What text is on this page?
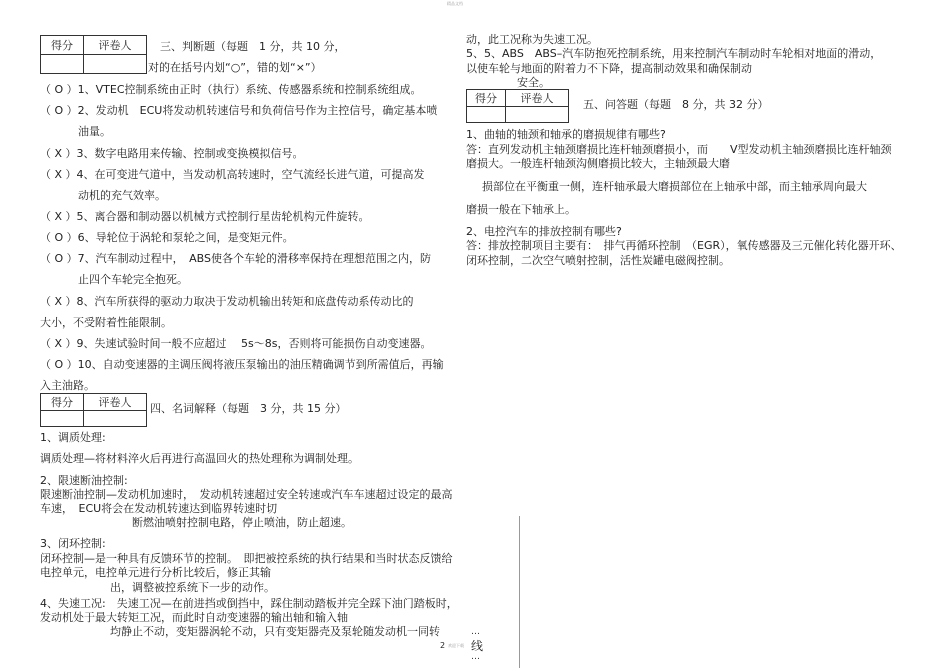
精品文档
得分	评卷人
		三、判断题（每题　1 分，共 10 分，
对的在括号内划“○”，错的划“×”）
（ O ）1、VTEC控制系统由正时（执行）系统、传感器系统和控制系统组成。
（ O ）2、发动机　ECU将发动机转速信号和负荷信号作为主控信号，确定基本喷
油量。
（ X ）3、数字电路用来传输、控制或变换模拟信号。
（ X ）4、在可变进气道中，当发动机高转速时，空气流经长进气道，可提高发
动机的充气效率。
（ X ）5、离合器和制动器以机械方式控制行星齿轮机构元件旋转。
（ O ）6、导轮位于涡轮和泵轮之间，是变矩元件。
（ O ）7、汽车制动过程中，　ABS使各个车轮的滑移率保持在理想范围之内，防
止四个车轮完全抱死。
（ X ）8、汽车所获得的驱动力取决于发动机输出转矩和底盘传动系传动比的
大小，不受附着性能限制。
（ X ）9、失速试验时间一般不应超过　 5s～8s，否则将可能损伤自动变速器。
（ O ）10、自动变速器的主调压阀将液压泵输出的油压精确调节到所需值后，再输
入主油路。
得分	评卷人
	四、名词解释（每题　3 分，共 15 分）
1、调质处理:
调质处理—将材料淬火后再进行高温回火的热处理称为调制处理。
2、限速断油控制:
限速断油控制—发动机加速时，　发动机转速超过安全转速或汽车车速超过设定的最高
车速，　ECU将会在发动机转速达到临界转速时切
断燃油喷射控制电路，停止喷油，防止超速。
3、闭环控制:
闭环控制—是一种具有反馈环节的控制。　即把被控系统的执行结果和当时状态反馈给
电控单元，电控单元进行分析比较后，修正其输
出，调整被控系统下一步的动作。
4、失速工况:　失速工况—在前进挡或倒挡中，踩住制动踏板并完全踩下油门踏板时，
发动机处于最大转矩工况，而此时自动变速器的输出轴和输入轴
均静止不动，变矩器涡轮不动，只有变矩器壳及泵轮随发动机一同转
动，此工况称为失速工况。
5、5、ABS　ABS–汽车防抱死控制系统，用来控制汽车制动时车轮相对地面的滑动，
以使车轮与地面的附着力不下降，提高制动效果和确保制动
安全。
得分	评卷人
		五、问答题（每题　8 分，共 32 分）
1、曲轴的轴颈和轴承的磨损规律有哪些?
答：直列发动机主轴颈磨损比连杆轴颈磨损小，而　　V型发动机主轴颈磨损比连杆轴颈
磨损大。一般连杆轴颈沟侧磨损比较大，主轴颈最大磨
损部位在平衡重一侧，连杆轴承最大磨损部位在上轴承中部，而主轴承周向最大
磨损一般在下轴承上。
2、电控汽车的排放控制有哪些?
答：排放控制项目主要有：　排气再循环控制　（EGR），氧传感器及三元催化转化器开环、
闭环控制，二次空气喷射控制，活性炭罐电磁阀控制。
…
线
…
2 欢迎下载
